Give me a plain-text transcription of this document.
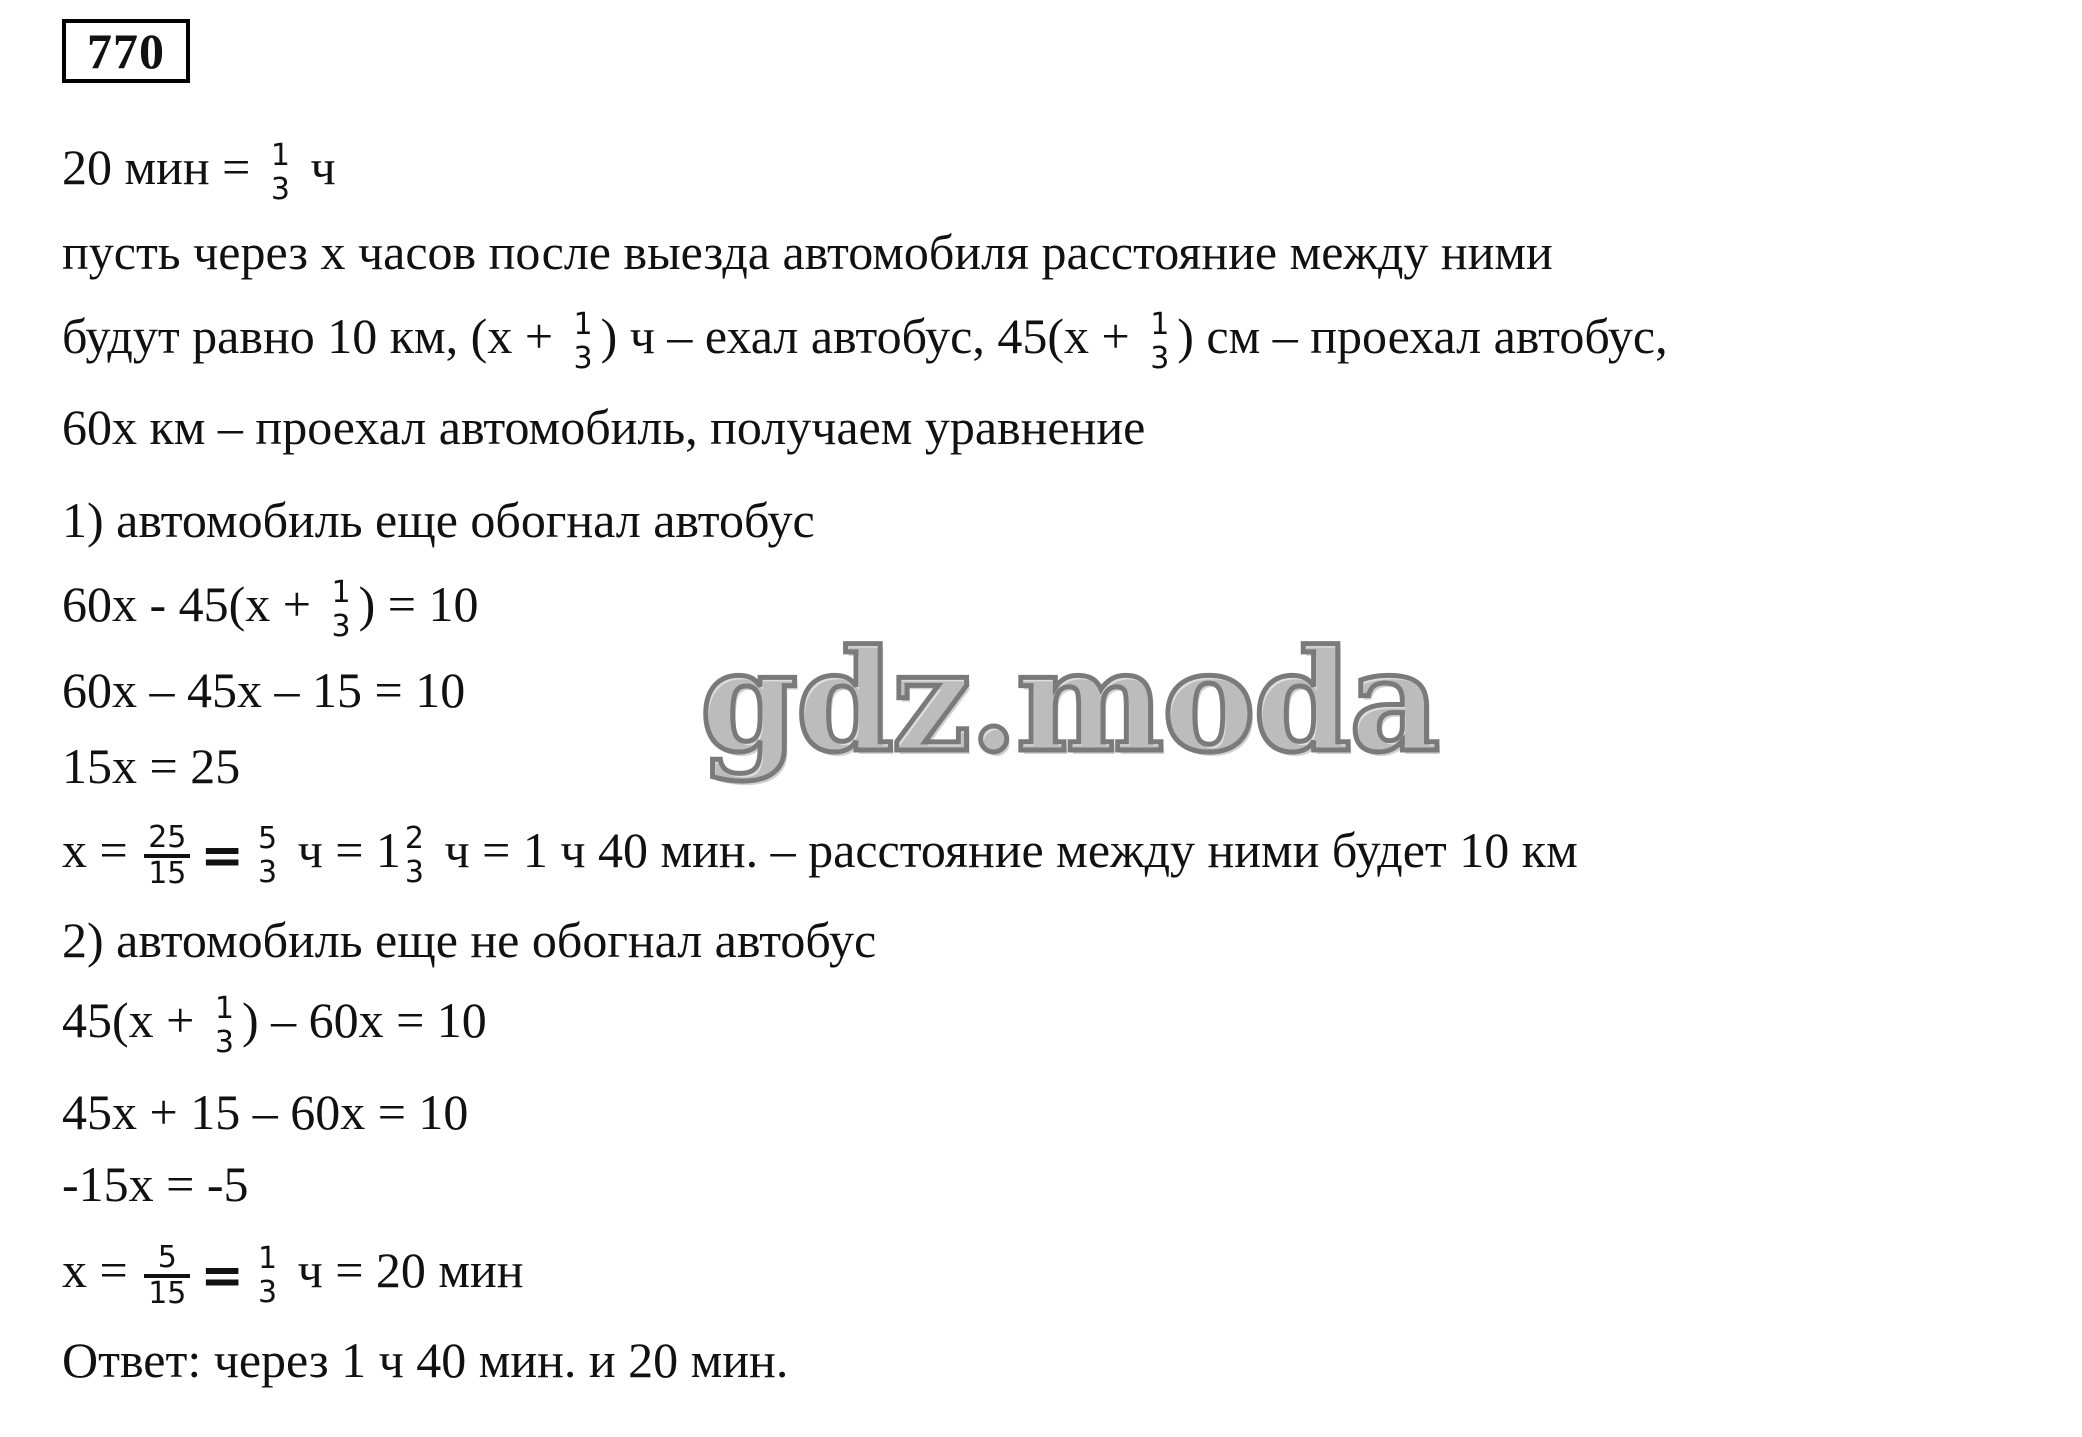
770
20 мин = 1
3 ч
пусть через х часов после выезда автомобиля расстояние между ними
будут равно 10 км, (х + 1
3 ) ч – ехал автобус, 45(х + 1
3 ) см – проехал автобус,
60х км – проехал автомобиль, получаем уравнение
1) автомобиль еще обогнал автобус
60х - 45(х + 1
3 ) = 10
60х – 45х – 15 = 10
15х = 25
$х = \frac{25}{15} = 5$
3 ч = 1 2
3 ч = 1 ч 40 мин. – расстояние между ними будет 10 км
2) автомобиль еще не обогнал автобус
45(х + 1
3 ) – 60х = 10
45х + 15 – 60х = 10
-15х = -5
$х = \frac{5}{15} = 1$
3 ч = 20 мин
Ответ: через 1 ч 40 мин. и 20 мин.
gdz.moda
